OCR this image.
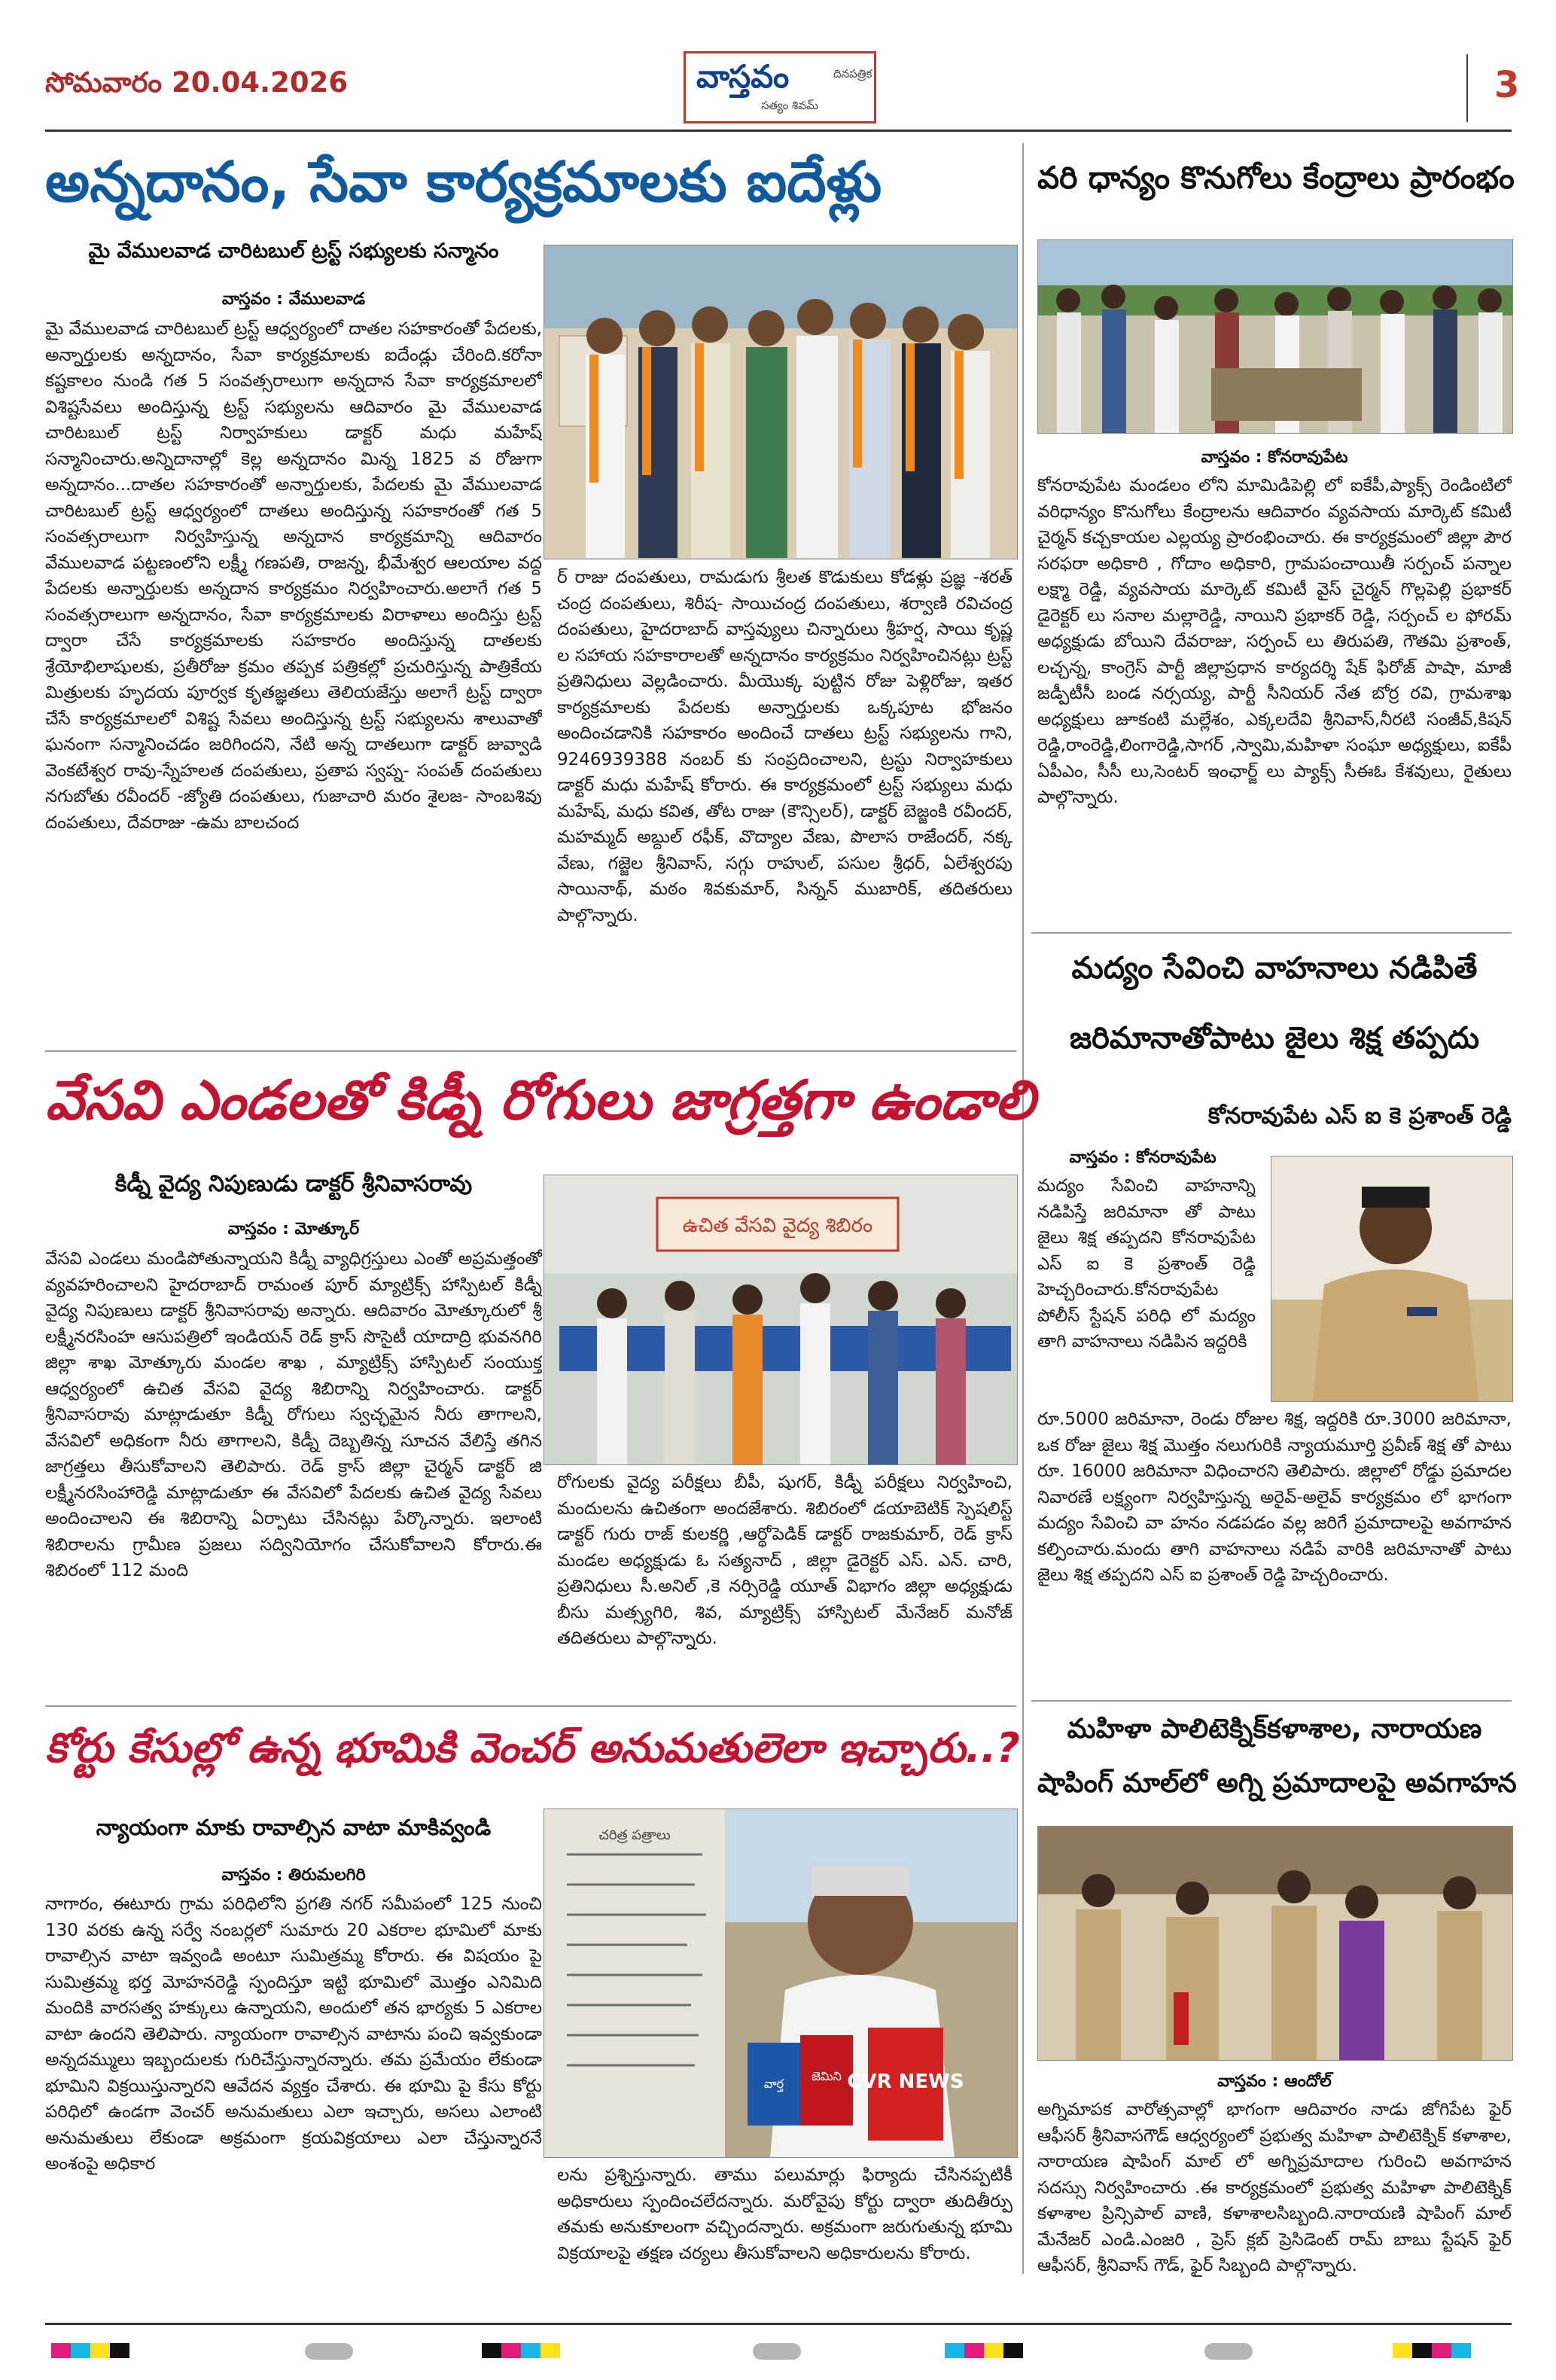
సోమవారం 20.04.2026	వాస్తవం
సత్యం శివమ్
దినపత్రిక	3
అన్నదానం, సేవా కార్యక్రమాలకు ఐదేళ్లు
మై వేములవాడ చారిటబుల్ ట్రస్ట్ సభ్యులకు సన్మానం
వాస్తవం : వేములవాడ
మై వేములవాడ చారిటబుల్ ట్రస్ట్ ఆధ్వర్యంలో దాతల సహకారంతో పేదలకు, అన్నార్తులకు అన్నదానం, సేవా కార్యక్రమాలకు ఐదేండ్లు చేరింది.కరోనా కష్టకాలం నుండి గత 5 సంవత్సరాలుగా అన్నదాన సేవా కార్యక్రమాలలో విశిష్టసేవలు అందిస్తున్న ట్రస్ట్ సభ్యులను ఆదివారం మై వేములవాడ చారిటబుల్ ట్రస్ట్ నిర్వాహకులు డాక్టర్ మధు మహేష్ సన్మానించారు.అన్నిదానాల్లో కెల్ల అన్నదానం మిన్న 1825 వ రోజుగా అన్నదానం...దాతల సహకారంతో అన్నార్తులకు, పేదలకు మై వేములవాడ చారిటబుల్ ట్రస్ట్ ఆధ్వర్యంలో దాతలు అందిస్తున్న సహకారంతో గత 5 సంవత్సరాలుగా నిర్వహిస్తున్న అన్నదాన కార్యక్రమాన్ని ఆదివారం వేములవాడ పట్టణంలోని లక్ష్మీ గణపతి, రాజన్న, భీమేశ్వర ఆలయాల వద్ద పేదలకు అన్నార్తులకు అన్నదాన కార్యక్రమం నిర్వహించారు.అలాగే గత 5 సంవత్సరాలుగా అన్నదానం, సేవా కార్యక్రమాలకు విరాళాలు అందిస్తు ట్రస్ట్ ద్వారా చేసే కార్యక్రమాలకు సహకారం అందిస్తున్న దాతలకు శ్రేయోభిలాషులకు, ప్రతీరోజు క్రమం తప్పక పత్రికల్లో ప్రచురిస్తున్న పాత్రికేయ మిత్రులకు హృదయ పూర్వక కృతజ్ఞతలు తెలియజేస్తు అలాగే ట్రస్ట్ ద్వారా చేసే కార్యక్రమాలలో విశిష్ట సేవలు అందిస్తున్న ట్రస్ట్ సభ్యులను శాలువాతో ఘనంగా సన్మానించడం జరిగిందని, నేటి అన్న దాతలుగా డాక్టర్ జువ్వాడి వెంకటేశ్వర రావు-స్నేహలత దంపతులు, ప్రతాప స్వప్న- సంపత్ దంపతులు నగుబోతు రవీందర్ -జ్యోతి దంపతులు, గుజాచారి మరం శైలజ- సాంబశివు దంపతులు, దేవరాజు -ఉమ బాలచంద
ర్ రాజు దంపతులు, రామడుగు శ్రీలత కొడుకులు కోడళ్లు ప్రజ్ఞ -శరత్ చంద్ర దంపతులు, శిరీష- సాయిచంద్ర దంపతులు, శర్వాణి రవిచంద్ర దంపతులు, హైదరాబాద్ వాస్తవ్యులు చిన్నారులు శ్రీహర్ష, సాయి కృష్ణ ల సహాయ సహకారాలతో అన్నదానం కార్యక్రమం నిర్వహించినట్లు ట్రస్ట్ ప్రతినిధులు వెల్లడించారు. మీయొక్క పుట్టిన రోజు పెళ్లిరోజు, ఇతర కార్యక్రమాలకు పేదలకు అన్నార్తులకు ఒక్కపూట భోజనం అందించడానికి సహకారం అందించే దాతలు ట్రస్ట్ సభ్యులను గాని, 9246939388 నంబర్ కు సంప్రదించాలని, ట్రస్టు నిర్వాహకులు డాక్టర్ మధు మహేష్ కోరారు. ఈ కార్యక్రమంలో ట్రస్ట్ సభ్యులు మధు మహేష్, మధు కవిత, తోట రాజు (కౌన్సిలర్), డాక్టర్ బెజ్జంకి రవీందర్, మహమ్మద్ అబ్దుల్ రఫీక్, వొద్యాల వేణు, పొలాస రాజేందర్, నక్క వేణు, గజ్జెల శ్రీనివాస్, సగ్గు రాహుల్, పసుల శ్రీధర్, ఏలేశ్వరపు సాయినాథ్, మఠం శివకుమార్, సిన్నన్ ముబారిక్, తదితరులు పాల్గొన్నారు.
వరి ధాన్యం కొనుగోలు కేంద్రాలు ప్రారంభం
వాస్తవం : కోనరావుపేట
కోనరావుపేట మండలం లోని మామిడిపెల్లి లో ఐకేపీ,ప్యాక్స్ రెండింటిలో వరిధాన్యం కొనుగోలు కేంద్రాలను ఆదివారం వ్యవసాయ మార్కెట్ కమిటీ చైర్మన్ కచ్చకాయల ఎల్లయ్య ప్రారంభించారు. ఈ కార్యక్రమంలో జిల్లా పౌర సరఫరా అధికారి , గోదాం అధికారి, గ్రామపంచాయితీ సర్పంచ్ పన్నాల లక్ష్మా రెడ్డి, వ్యవసాయ మార్కెట్ కమిటీ వైస్ చైర్మన్ గొల్లపెల్లి ప్రభాకర్ డైరెక్టర్ లు సనాల మల్లారెడ్డి, నాయిని ప్రభాకర్ రెడ్డి, సర్పంచ్ ల ఫోరమ్ అధ్యక్షుడు బోయిని దేవరాజు, సర్పంచ్ లు తిరుపతి, గౌతమి ప్రశాంత్, లచ్చన్న, కాంగ్రెస్ పార్టీ జిల్లాప్రధాన కార్యదర్శి షేక్ ఫిరోజ్ పాషా, మాజీ జడ్పీటీసీ బండ నర్సయ్య, పార్టీ సీనియర్ నేత బోర్ర రవి, గ్రామశాఖ అధ్యక్షులు జూకంటి మల్లేశం, ఎక్కలదేవి శ్రీనివాస్,నీరటి సంజీవ్,కిషన్ రెడ్డి,రాంరెడ్డి,లింగారెడ్డి,సాగర్ ,స్వామి,మహిళా సంఘా అధ్యక్షులు, ఐకేపీ ఏపీఎం, సీసీ లు,సెంటర్ ఇంఛార్జ్ లు ప్యాక్స్ సీఈఓ కేశవులు, రైతులు పాల్గొన్నారు.
మద్యం సేవించి వాహనాలు నడిపితే
జరిమానాతోపాటు జైలు శిక్ష తప్పదు
కోనరావుపేట ఎస్ ఐ కె ప్రశాంత్ రెడ్డి
వాస్తవం : కోనరావుపేట
మద్యం సేవించి వాహనాన్ని నడిపిస్తే జరిమానా తో పాటు జైలు శిక్ష తప్పదని కోనరావుపేట ఎస్ ఐ కె ప్రశాంత్ రెడ్డి హెచ్చరించారు.కోనరావుపేట పోలీస్ స్టేషన్ పరిధి లో మద్యం తాగి వాహనాలు నడిపిన ఇద్దరికి
రూ.5000 జరిమానా, రెండు రోజుల శిక్ష, ఇద్దరికి రూ.3000 జరిమానా, ఒక రోజు జైలు శిక్ష మొత్తం నలుగురికి న్యాయమూర్తి ప్రవీణ్ శిక్ష తో పాటు రూ. 16000 జరిమానా విధించారని తెలిపారు. జిల్లాలో రోడ్డు ప్రమాదల నివారణే లక్ష్యంగా నిర్వహిస్తున్న అరైవ్-అలైవ్ కార్యక్రమం లో భాగంగా మద్యం సేవించి వా హనం నడపడం వల్ల జరిగే ప్రమాదాలపై అవగాహన కల్పించారు.మందు తాగి వాహనాలు నడిపే వారికి జరిమానాతో పాటు జైలు శిక్ష తప్పదని ఎస్ ఐ ప్రశాంత్ రెడ్డి హెచ్చరించారు.
మహిళా పాలిటెక్నిక్‌కళాశాల, నారాయణ
షాపింగ్ మాల్‌లో అగ్ని ప్రమాదాలపై అవగాహన
వాస్తవం : ఆందోల్
అగ్నిమాపక వారోత్సవాల్లో భాగంగా ఆదివారం నాడు జోగిపేట ఫైర్ ఆఫీసర్ శ్రీనివాసగౌడ్ ఆధ్వర్యంలో ప్రభుత్వ మహిళా పాలిటెక్నిక్ కళాశాల, నారాయణ షాపింగ్ మాల్ లో అగ్నిప్రమాదాల గురించి అవగాహన సదస్సు నిర్వహించారు .ఈ కార్యక్రమంలో ప్రభుత్వ మహిళా పాలిటెక్నిక్ కళాశాల ప్రిన్సిపాల్ వాణి, కళాశాలసిబ్బంది.నారాయణి షాపింగ్ మాల్ మేనేజర్ ఎండి.ఎంజరి , ప్రెస్ క్లబ్ ప్రెసిడెంట్ రామ్ బాబు స్టేషన్ ఫైర్ ఆఫీసర్, శ్రీనివాస్ గౌడ్, ఫైర్ సిబ్బంది పాల్గొన్నారు.
వేసవి ఎండలతో కిడ్నీ రోగులు జాగ్రత్తగా ఉండాలి
కిడ్నీ వైద్య నిపుణుడు డాక్టర్ శ్రీనివాసరావు
వాస్తవం : మోత్కూర్
వేసవి ఎండలు మండిపోతున్నాయని కిడ్నీ వ్యాధిగ్రస్తులు ఎంతో అప్రమత్తంతో వ్యవహరించాలని హైదరాబాద్ రామంత పూర్ మ్యాట్రిక్స్ హాస్పిటల్ కిడ్నీ వైద్య నిపుణులు డాక్టర్ శ్రీనివాసరావు అన్నారు. ఆదివారం మోత్కూరులో శ్రీ లక్ష్మీనరసింహ ఆసుపత్రిలో ఇండియన్ రెడ్ క్రాస్ సొసైటీ యాదాద్రి భువనగిరి జిల్లా శాఖ మోత్కూరు మండల శాఖ , మ్యాట్రిక్స్ హాస్పిటల్ సంయుక్త ఆధ్వర్యంలో ఉచిత వేసవి వైద్య శిబిరాన్ని నిర్వహించారు. డాక్టర్ శ్రీనివాసరావు మాట్లాడుతూ కిడ్నీ రోగులు స్వచ్ఛమైన నీరు తాగాలని, వేసవిలో అధికంగా నీరు తాగాలని, కిడ్నీ దెబ్బతిన్న సూచన వేలిస్తే తగిన జాగ్రత్తలు తీసుకోవాలని తెలిపారు. రెడ్ క్రాస్ జిల్లా చైర్మన్ డాక్టర్ జి లక్ష్మీనరసింహారెడ్డి మాట్లాడుతూ ఈ వేసవిలో పేదలకు ఉచిత వైద్య సేవలు అందించాలని ఈ శిబిరాన్ని ఏర్పాటు చేసినట్లు పేర్కొన్నారు. ఇలాంటి శిబిరాలను గ్రామీణ ప్రజలు సద్వినియోగం చేసుకోవాలని కోరారు.ఈ శిబిరంలో 112 మంది
ఉచిత వేసవి వైద్య శిబిరం
రోగులకు వైద్య పరీక్షలు బీపీ, షుగర్, కిడ్నీ పరీక్షలు నిర్వహించి, మందులను ఉచితంగా అందజేశారు. శిబిరంలో డయాబెటిక్ స్పెషలిస్ట్ డాక్టర్ గురు రాజ్ కులకర్ణి ,ఆర్థోపెడిక్ డాక్టర్ రాజకుమార్, రెడ్ క్రాస్ మండల అధ్యక్షుడు ఓ సత్యనాద్ , జిల్లా డైరెక్టర్ ఎస్. ఎన్. చారి, ప్రతినిధులు సీ.అనిల్ ,కె నర్సిరెడ్డి యూత్ విభాగం జిల్లా అధ్యక్షుడు బీసు మత్స్యగిరి, శివ, మ్యాట్రిక్స్ హాస్పిటల్ మేనేజర్ మనోజ్ తదితరులు పాల్గొన్నారు.
కోర్టు కేసుల్లో ఉన్న భూమికి వెంచర్ అనుమతులెలా ఇచ్చారు..?
న్యాయంగా మాకు రావాల్సిన వాటా మాకివ్వండి
వాస్తవం : తిరుమలగిరి
నాగారం, ఈటూరు గ్రామ పరిధిలోని ప్రగతి నగర్ సమీపంలో 125 నుంచి 130 వరకు ఉన్న సర్వే నంబర్లలో సుమారు 20 ఎకరాల భూమిలో మాకు రావాల్సిన వాటా ఇవ్వండి అంటూ సుమిత్రమ్మ కోరారు. ఈ విషయం పై సుమిత్రమ్మ భర్త మోహనరెడ్డి స్పందిస్తూ ఇట్టి భూమిలో మొత్తం ఎనిమిది మందికి వారసత్వ హక్కులు ఉన్నాయని, అందులో తన భార్యకు 5 ఎకరాల వాటా ఉందని తెలిపారు. న్యాయంగా రావాల్సిన వాటాను పంచి ఇవ్వకుండా అన్నదమ్ములు ఇబ్బందులకు గురిచేస్తున్నారన్నారు. తమ ప్రమేయం లేకుండా భూమిని విక్రయిస్తున్నారని ఆవేదన వ్యక్తం చేశారు. ఈ భూమి పై కేసు కోర్టు పరిధిలో ఉండగా వెంచర్ అనుమతులు ఎలా ఇచ్చారు, అసలు ఎలాంటి అనుమతులు లేకుండా అక్రమంగా క్రయవిక్రయాలు ఎలా చేస్తున్నారనే అంశంపై అధికార
చరిత్ర పత్రాలు
CVR NEWS
జెమిని
వార్త
లను ప్రశ్నిస్తున్నారు. తాము పలుమార్లు ఫిర్యాదు చేసినప్పటికీ అధికారులు స్పందించలేదన్నారు. మరోవైపు కోర్టు ద్వారా తుదితీర్పు తమకు అనుకూలంగా వచ్చిందన్నారు. అక్రమంగా జరుగుతున్న భూమి విక్రయాలపై తక్షణ చర్యలు తీసుకోవాలని అధికారులను కోరారు.
